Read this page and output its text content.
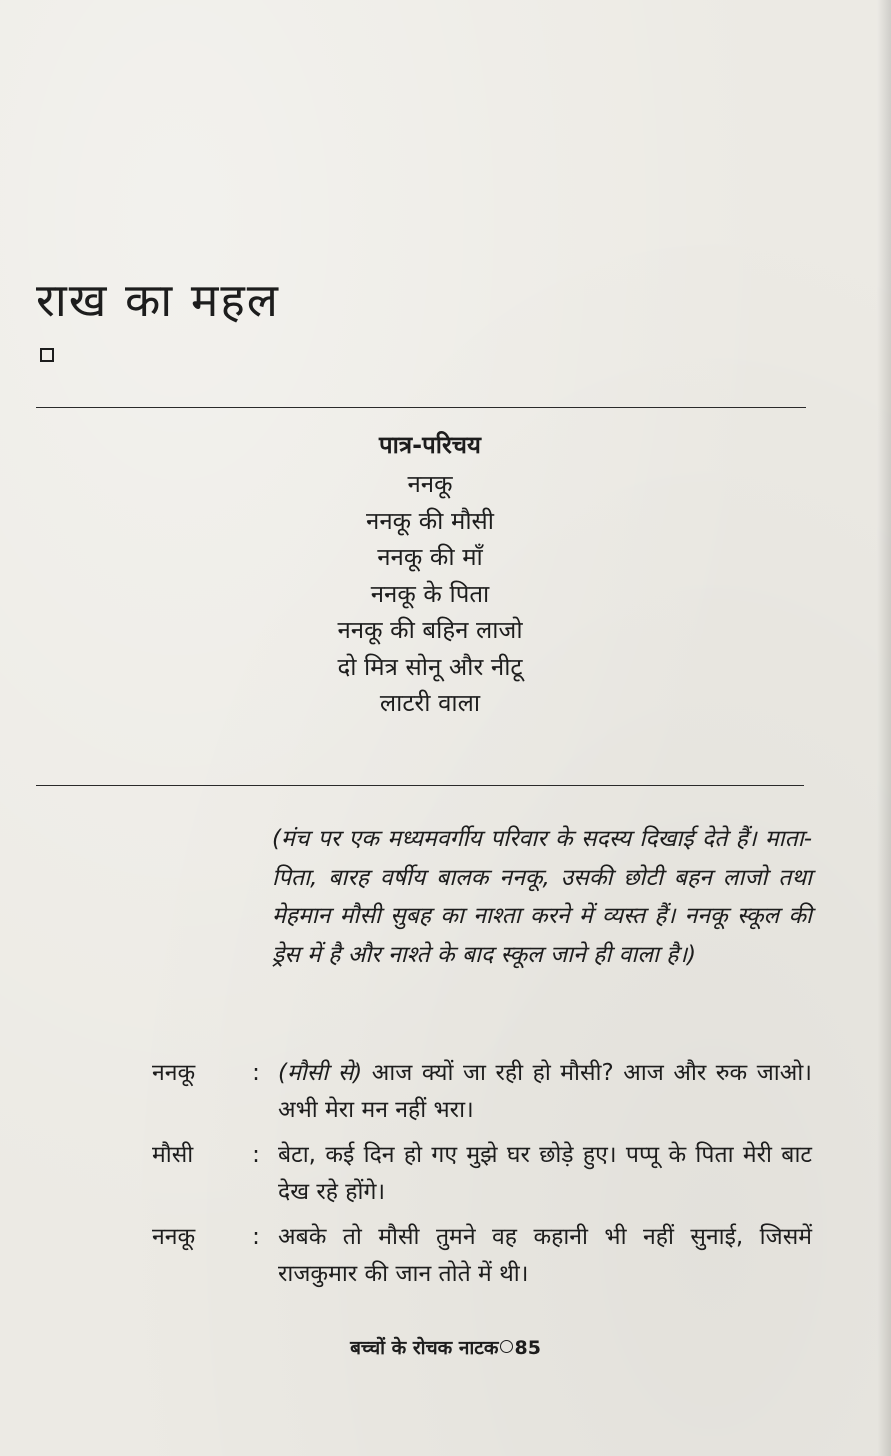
राख का महल
पात्र-परिचय
ननकू
ननकू की मौसी
ननकू की माँ
ननकू के पिता
ननकू की बहिन लाजो
दो मित्र सोनू और नीटू
लाटरी वाला
(मंच पर एक मध्यमवर्गीय परिवार के सदस्य दिखाई देते हैं। माता-पिता, बारह वर्षीय बालक ननकू, उसकी छोटी बहन लाजो तथा मेहमान मौसी सुबह का नाश्ता करने में व्यस्त हैं। ननकू स्कूल की ड्रेस में है और नाश्ते के बाद स्कूल जाने ही वाला है।)
ननकू	: (मौसी से) आज क्यों जा रही हो मौसी? आज और रुक जाओ। अभी मेरा मन नहीं भरा।
मौसी	: बेटा, कई दिन हो गए मुझे घर छोड़े हुए। पप्पू के पिता मेरी बाट देख रहे होंगे।
ननकू	: अबके तो मौसी तुमने वह कहानी भी नहीं सुनाई, जिसमें राजकुमार की जान तोते में थी।
बच्चों के रोचक नाटक 85
